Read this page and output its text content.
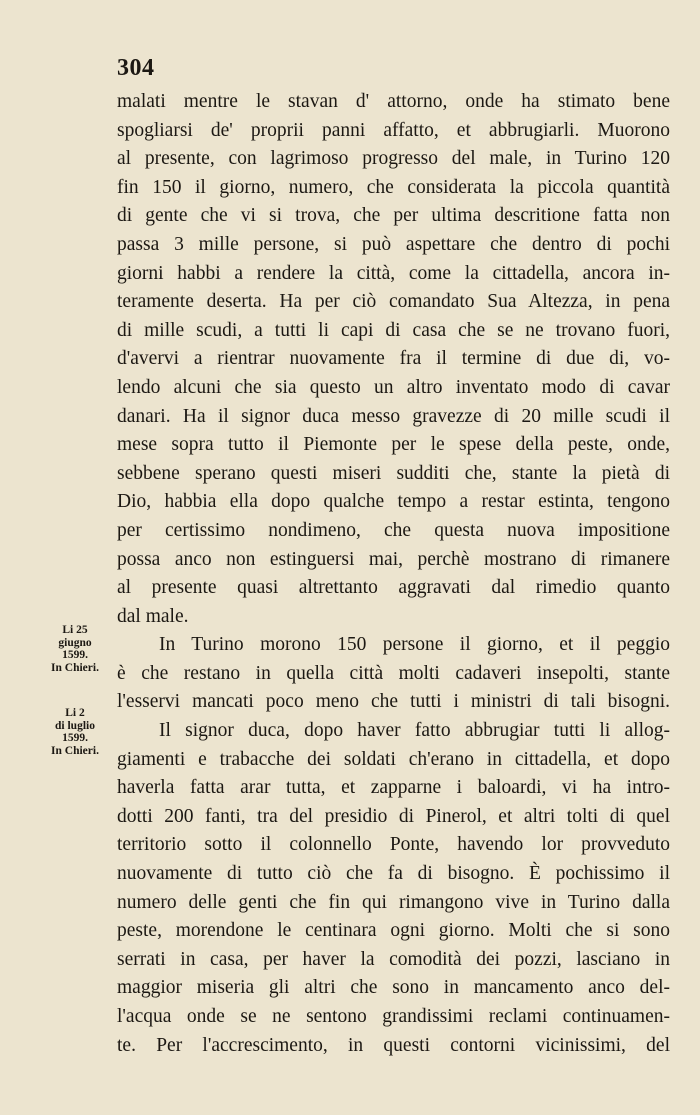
304
Li 25
giugno
1599.
In Chieri.
Li 2
di luglio
1599.
In Chieri.
malati mentre le stavan d' attorno, onde ha stimato bene
spogliarsi de' proprii panni affatto, et abbrugiarli. Muorono
al presente, con lagrimoso progresso del male, in Turino 120
fin 150 il giorno, numero, che considerata la piccola quantità
di gente che vi si trova, che per ultima descritione fatta non
passa 3 mille persone, si può aspettare che dentro di pochi
giorni habbi a rendere la città, come la cittadella, ancora in-
teramente deserta. Ha per ciò comandato Sua Altezza, in pena
di mille scudi, a tutti li capi di casa che se ne trovano fuori,
d'avervi a rientrar nuovamente fra il termine di due di, vo-
lendo alcuni che sia questo un altro inventato modo di cavar
danari. Ha il signor duca messo gravezze di 20 mille scudi il
mese sopra tutto il Piemonte per le spese della peste, onde,
sebbene sperano questi miseri sudditi che, stante la pietà di
Dio, habbia ella dopo qualche tempo a restar estinta, tengono
per certissimo nondimeno, che questa nuova impositione
possa anco non estinguersi mai, perchè mostrano di rimanere
al presente quasi altrettanto aggravati dal rimedio quanto
dal male.
In Turino morono 150 persone il giorno, et il peggio
è che restano in quella città molti cadaveri insepolti, stante
l'esservi mancati poco meno che tutti i ministri di tali bisogni.
Il signor duca, dopo haver fatto abbrugiar tutti li allog-
giamenti e trabacche dei soldati ch'erano in cittadella, et dopo
haverla fatta arar tutta, et zapparne i baloardi, vi ha intro-
dotti 200 fanti, tra del presidio di Pinerol, et altri tolti di quel
territorio sotto il colonnello Ponte, havendo lor provveduto
nuovamente di tutto ciò che fa di bisogno. È pochissimo il
numero delle genti che fin qui rimangono vive in Turino dalla
peste, morendone le centinara ogni giorno. Molti che si sono
serrati in casa, per haver la comodità dei pozzi, lasciano in
maggior miseria gli altri che sono in mancamento anco del-
l'acqua onde se ne sentono grandissimi reclami continuamen-
te. Per l'accrescimento, in questi contorni vicinissimi, del
